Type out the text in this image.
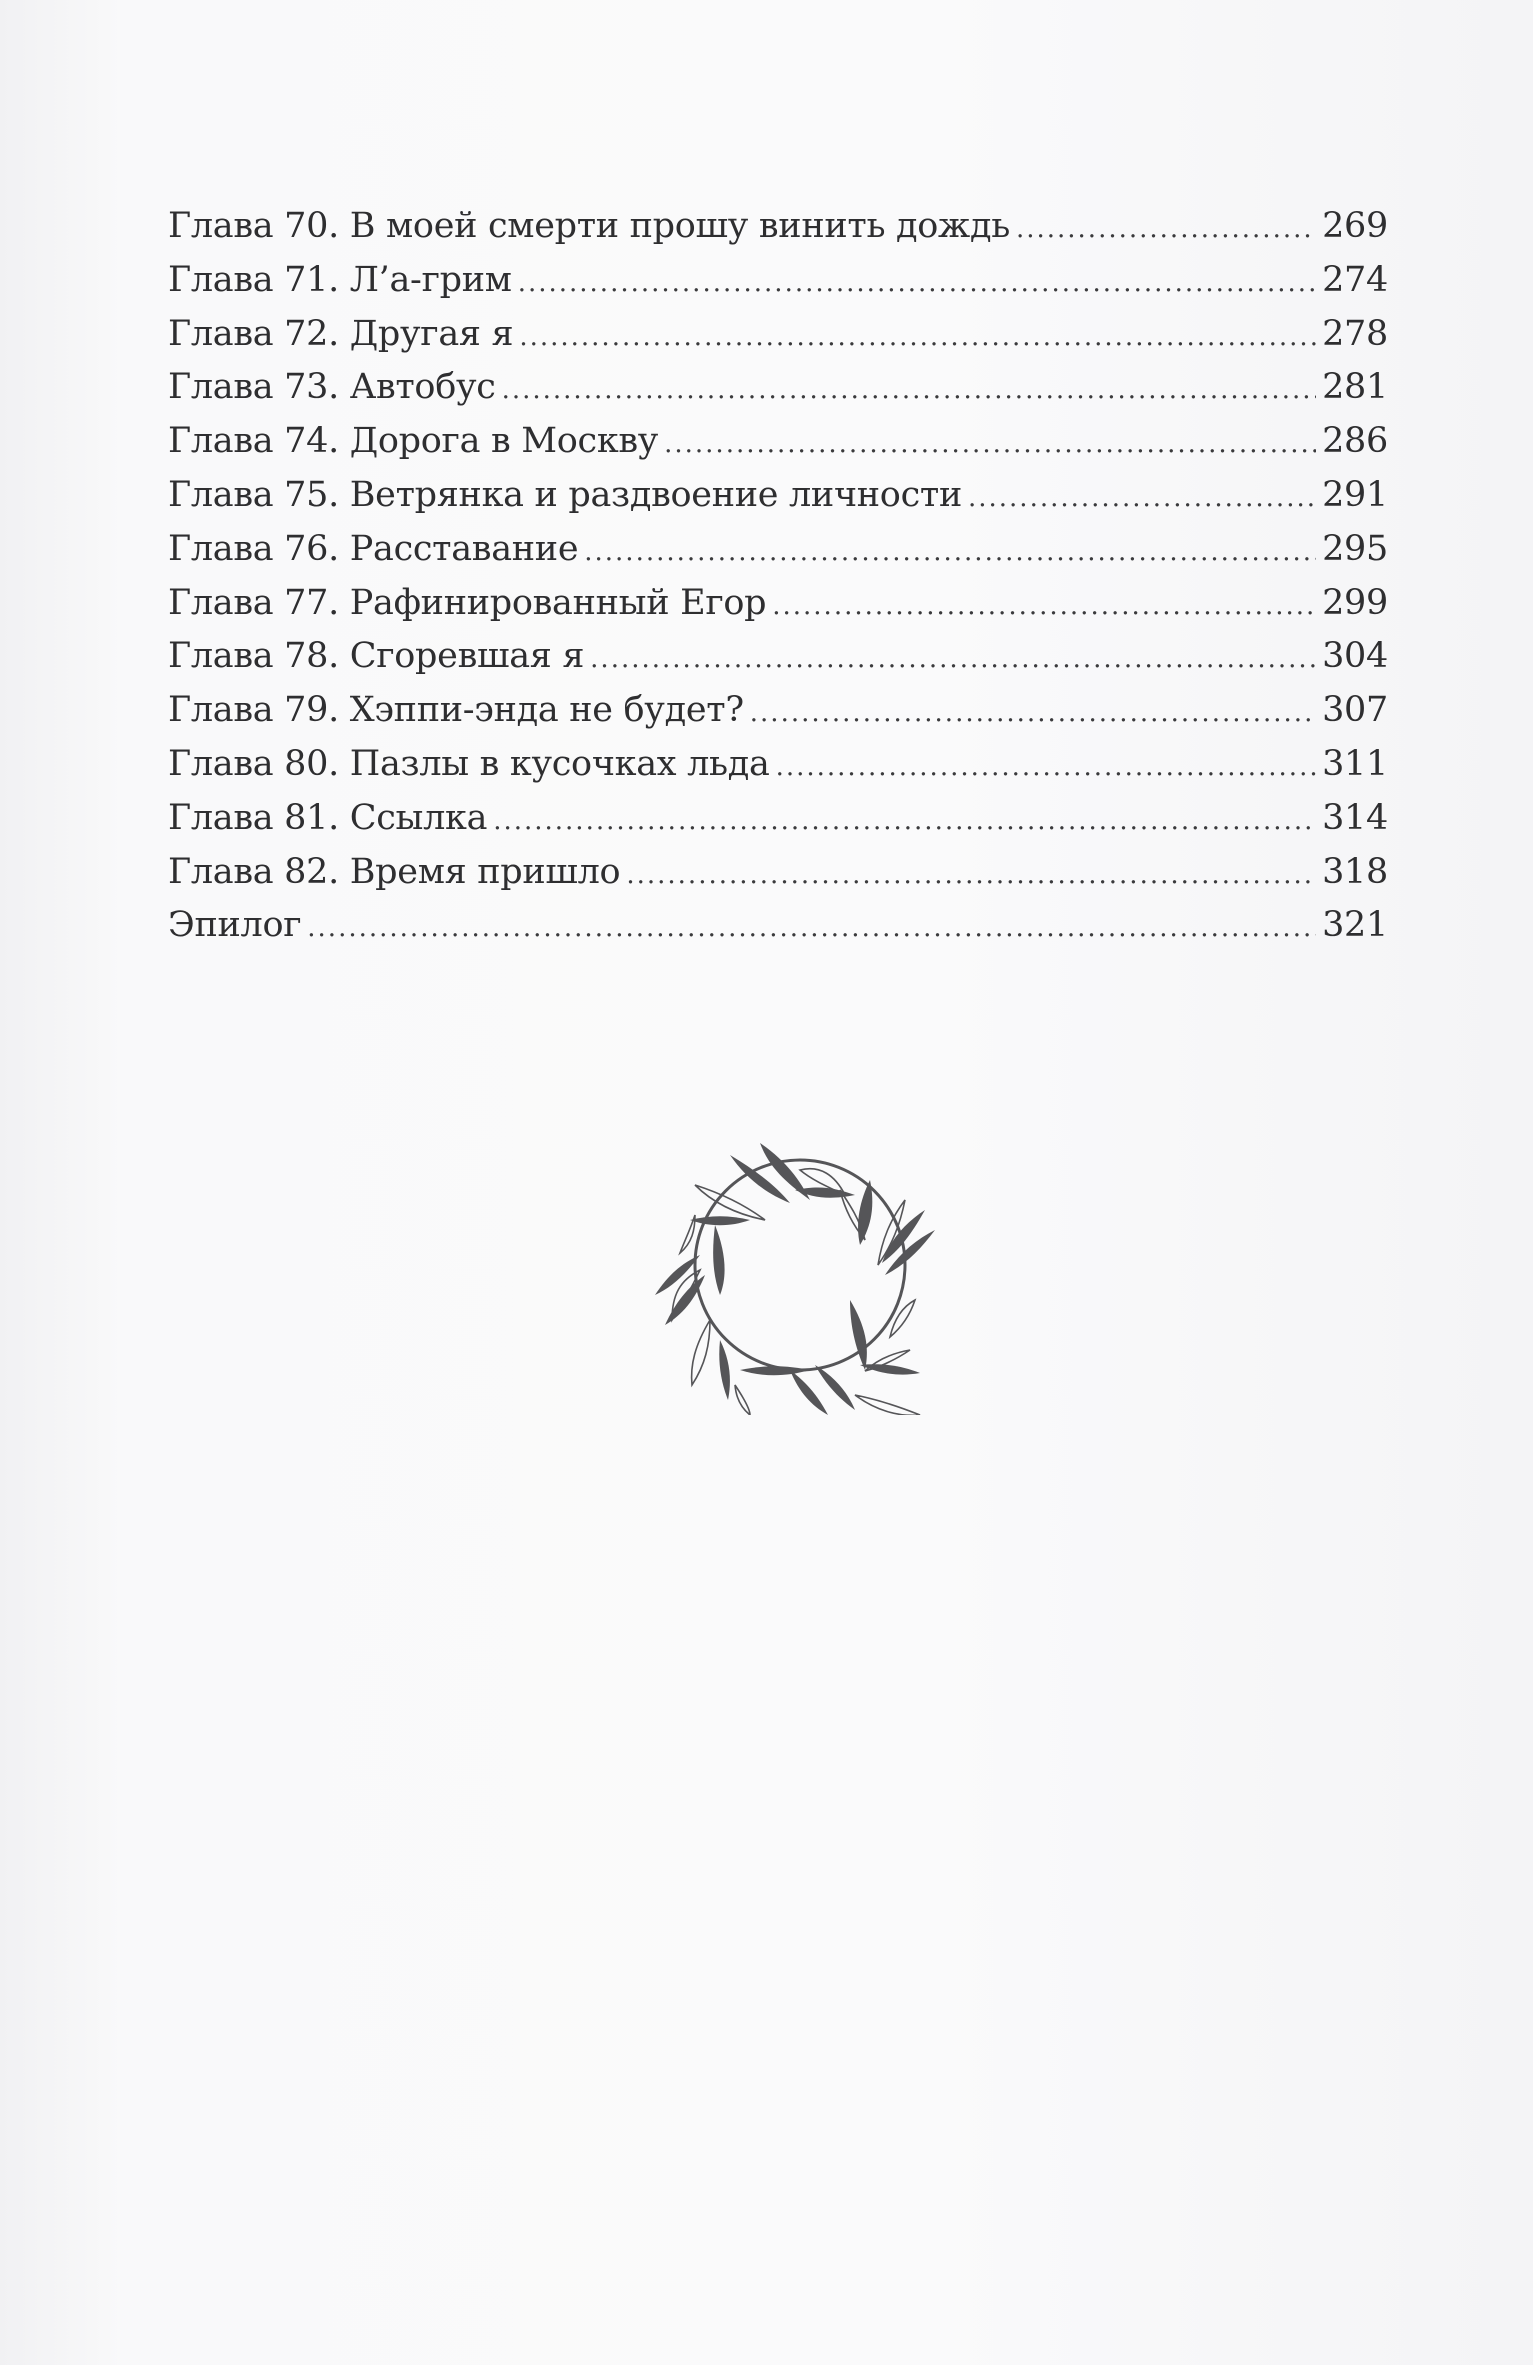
Глава 70. В моей смерти прошу винить дождь .....	269
Глава 71. Л’а-грим .....	274
Глава 72. Другая я .....	278
Глава 73. Автобус .....	281
Глава 74. Дорога в Москву .....	286
Глава 75. Ветрянка и раздвоение личности .....	291
Глава 76. Расставание .....	295
Глава 77. Рафинированный Егор .....	299
Глава 78. Сгоревшая я .....	304
Глава 79. Хэппи-энда не будет? .....	307
Глава 80. Пазлы в кусочках льда .....	311
Глава 81. Ссылка .....	314
Глава 82. Время пришло .....	318
Эпилог .....	321
